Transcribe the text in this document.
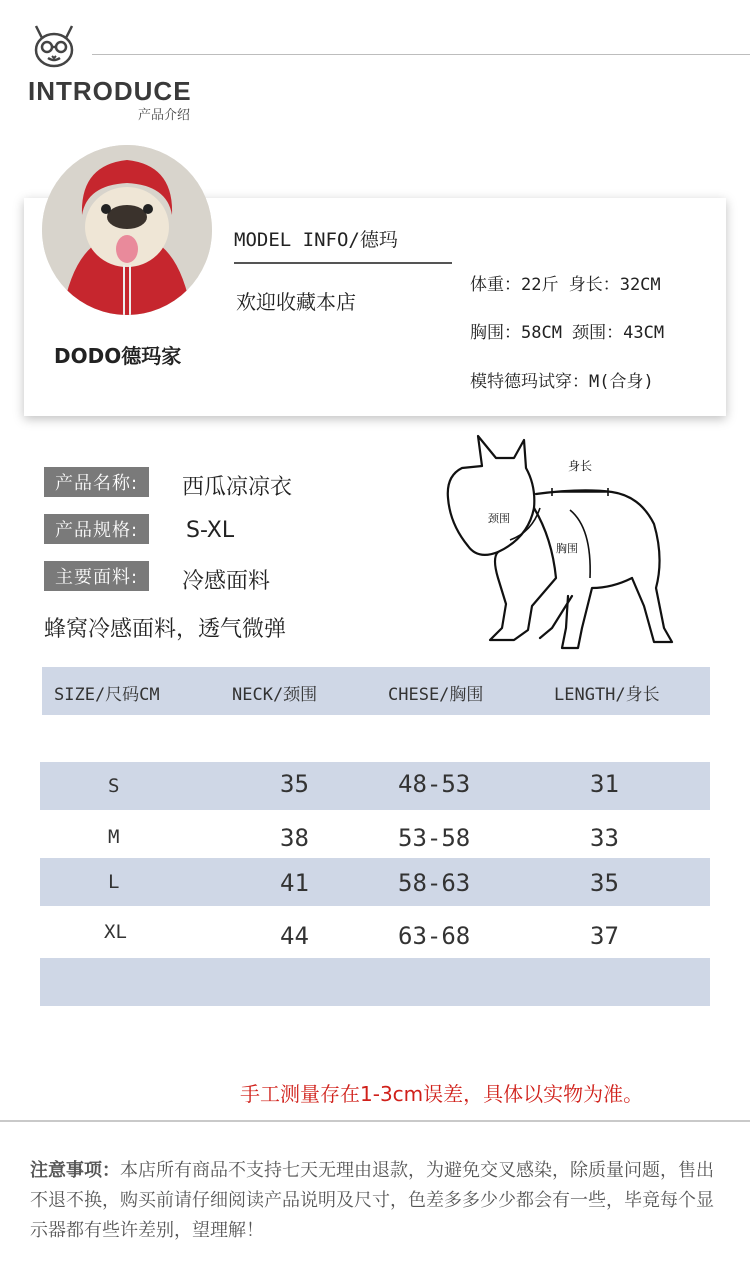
INTRODUCE
产品介绍
MODEL INFO/德玛
欢迎收藏本店
DODO德玛家
体重：22斤 身长：32CM
胸围：58CM 颈围：43CM
模特德玛试穿：M(合身)
产品名称:	西瓜凉凉衣
产品规格:	S-XL
主要面料:	冷感面料
蜂窝冷感面料，透气微弹
身长
颈围
胸围
SIZE/尺码CM	NECK/颈围	CHESE/胸围	LENGTH/身长
S	35	48-53	31
M	38	53-58	33
L	41	58-63	35
XL	44	63-68	37
手工测量存在1-3cm误差，具体以实物为准。
注意事项：本店所有商品不支持七天无理由退款，为避免交叉感染，除质量问题，售出不退不换，购买前请仔细阅读产品说明及尺寸，色差多多少少都会有一些，毕竟每个显示器都有些许差别，望理解！
